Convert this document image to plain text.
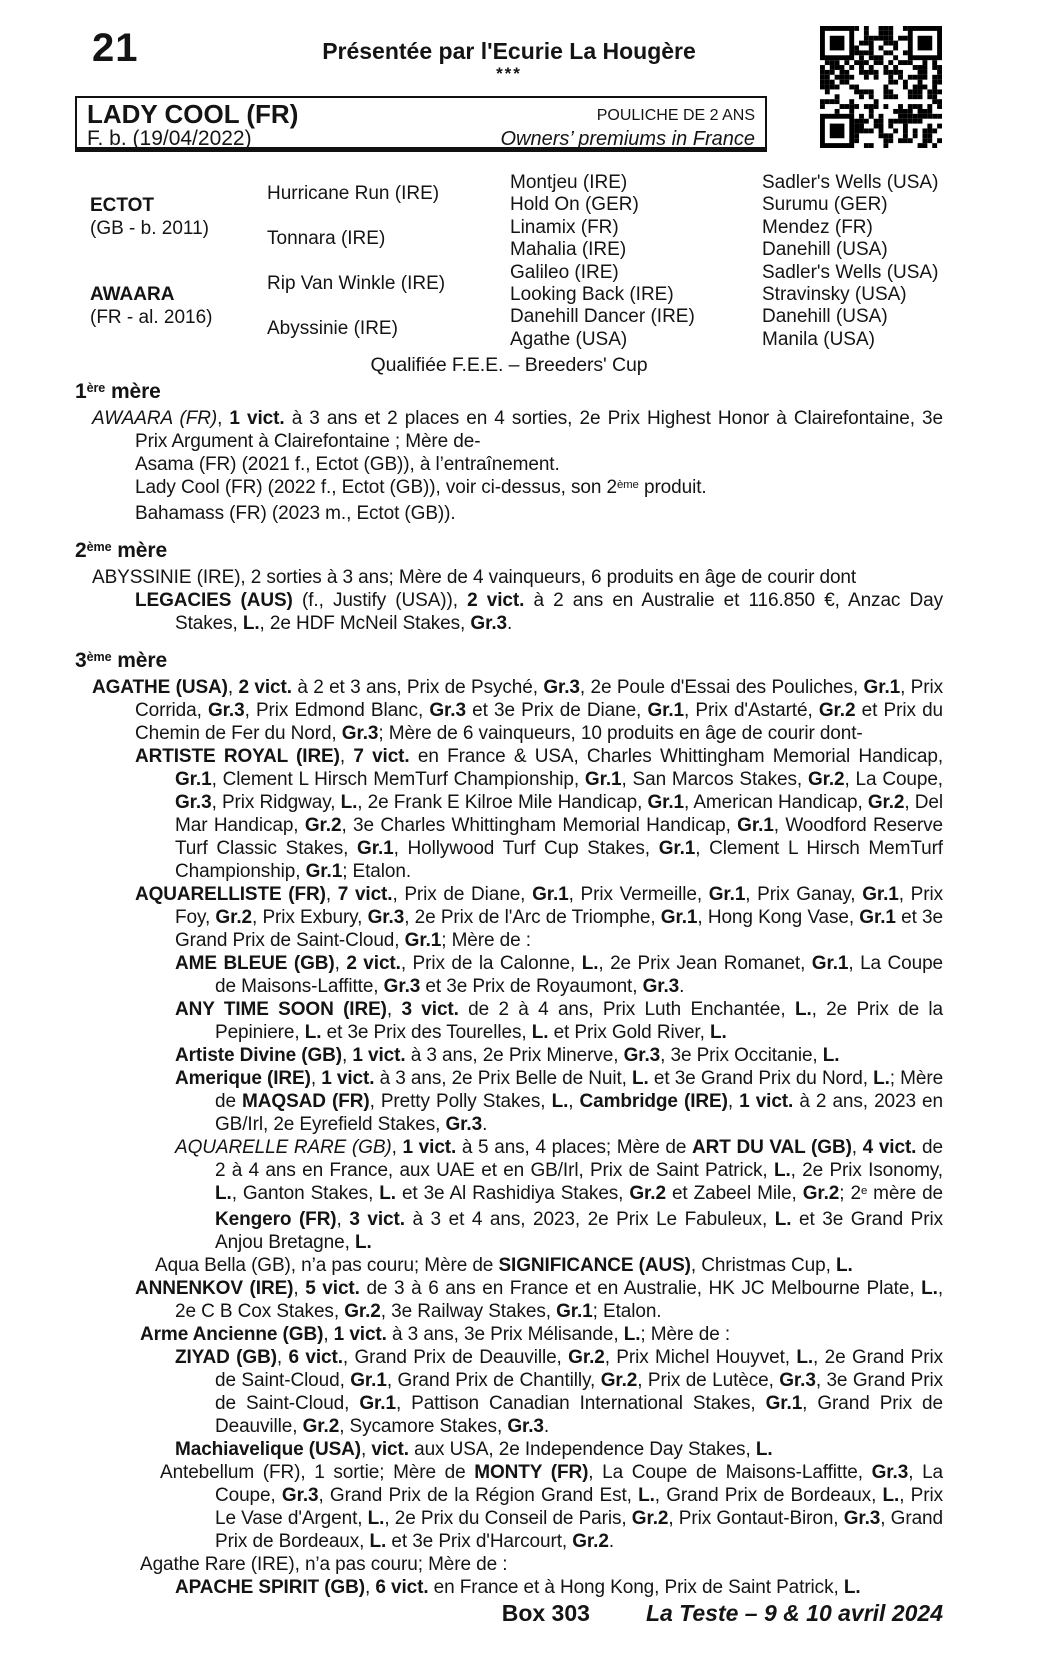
21	Présentée par l'Ecurie La Hougère
***
LADY COOL (FR)
F. b. (19/04/2022)
POULICHE DE 2 ANS
Owners’ premiums in France
ECTOT
(GB - b. 2011)
AWAARA
(FR - al. 2016)
Hurricane Run (IRE)
Tonnara (IRE)
Rip Van Winkle (IRE)
Abyssinie (IRE)
Montjeu (IRE)
Hold On (GER)
Linamix (FR)
Mahalia (IRE)
Galileo (IRE)
Looking Back (IRE)
Danehill Dancer (IRE)
Agathe (USA)
Sadler's Wells (USA)
Surumu (GER)
Mendez (FR)
Danehill (USA)
Sadler's Wells (USA)
Stravinsky (USA)
Danehill (USA)
Manila (USA)
Qualifiée F.E.E. – Breeders' Cup
1ère mère
AWAARA (FR), 1 vict. à 3 ans et 2 places en 4 sorties, 2e Prix Highest Honor à Clairefontaine, 3e Prix Argument à Clairefontaine ; Mère de-
Asama (FR) (2021 f., Ectot (GB)), à l’entraînement.
Lady Cool (FR) (2022 f., Ectot (GB)), voir ci-dessus, son 2ème produit.
Bahamass (FR) (2023 m., Ectot (GB)).
2ème mère
ABYSSINIE (IRE), 2 sorties à 3 ans; Mère de 4 vainqueurs, 6 produits en âge de courir dont
LEGACIES (AUS) (f., Justify (USA)), 2 vict. à 2 ans en Australie et 116.850 €, Anzac Day Stakes, L., 2e HDF McNeil Stakes, Gr.3.
3ème mère
AGATHE (USA), 2 vict. à 2 et 3 ans, Prix de Psyché, Gr.3, 2e Poule d'Essai des Pouliches, Gr.1, Prix Corrida, Gr.3, Prix Edmond Blanc, Gr.3 et 3e Prix de Diane, Gr.1, Prix d'Astarté, Gr.2 et Prix du Chemin de Fer du Nord, Gr.3; Mère de 6 vainqueurs, 10 produits en âge de courir dont-
ARTISTE ROYAL (IRE), 7 vict. en France & USA, Charles Whittingham Memorial Handicap, Gr.1, Clement L Hirsch MemTurf Championship, Gr.1, San Marcos Stakes, Gr.2, La Coupe, Gr.3, Prix Ridgway, L., 2e Frank E Kilroe Mile Handicap, Gr.1, American Handicap, Gr.2, Del Mar Handicap, Gr.2, 3e Charles Whittingham Memorial Handicap, Gr.1, Woodford Reserve Turf Classic Stakes, Gr.1, Hollywood Turf Cup Stakes, Gr.1, Clement L Hirsch MemTurf Championship, Gr.1; Etalon.
AQUARELLISTE (FR), 7 vict., Prix de Diane, Gr.1, Prix Vermeille, Gr.1, Prix Ganay, Gr.1, Prix Foy, Gr.2, Prix Exbury, Gr.3, 2e Prix de l'Arc de Triomphe, Gr.1, Hong Kong Vase, Gr.1 et 3e Grand Prix de Saint-Cloud, Gr.1; Mère de :
AME BLEUE (GB), 2 vict., Prix de la Calonne, L., 2e Prix Jean Romanet, Gr.1, La Coupe de Maisons-Laffitte, Gr.3 et 3e Prix de Royaumont, Gr.3.
ANY TIME SOON (IRE), 3 vict. de 2 à 4 ans, Prix Luth Enchantée, L., 2e Prix de la Pepiniere, L. et 3e Prix des Tourelles, L. et Prix Gold River, L.
Artiste Divine (GB), 1 vict. à 3 ans, 2e Prix Minerve, Gr.3, 3e Prix Occitanie, L.
Amerique (IRE), 1 vict. à 3 ans, 2e Prix Belle de Nuit, L. et 3e Grand Prix du Nord, L.; Mère de MAQSAD (FR), Pretty Polly Stakes, L., Cambridge (IRE), 1 vict. à 2 ans, 2023 en GB/Irl, 2e Eyrefield Stakes, Gr.3.
AQUARELLE RARE (GB), 1 vict. à 5 ans, 4 places; Mère de ART DU VAL (GB), 4 vict. de 2 à 4 ans en France, aux UAE et en GB/Irl, Prix de Saint Patrick, L., 2e Prix Isonomy, L., Ganton Stakes, L. et 3e Al Rashidiya Stakes, Gr.2 et Zabeel Mile, Gr.2; 2e mère de Kengero (FR), 3 vict. à 3 et 4 ans, 2023, 2e Prix Le Fabuleux, L. et 3e Grand Prix Anjou Bretagne, L.
Aqua Bella (GB), n’a pas couru; Mère de SIGNIFICANCE (AUS), Christmas Cup, L.
ANNENKOV (IRE), 5 vict. de 3 à 6 ans en France et en Australie, HK JC Melbourne Plate, L., 2e C B Cox Stakes, Gr.2, 3e Railway Stakes, Gr.1; Etalon.
Arme Ancienne (GB), 1 vict. à 3 ans, 3e Prix Mélisande, L.; Mère de :
ZIYAD (GB), 6 vict., Grand Prix de Deauville, Gr.2, Prix Michel Houyvet, L., 2e Grand Prix de Saint-Cloud, Gr.1, Grand Prix de Chantilly, Gr.2, Prix de Lutèce, Gr.3, 3e Grand Prix de Saint-Cloud, Gr.1, Pattison Canadian International Stakes, Gr.1, Grand Prix de Deauville, Gr.2, Sycamore Stakes, Gr.3.
Machiavelique (USA), vict. aux USA, 2e Independence Day Stakes, L.
Antebellum (FR), 1 sortie; Mère de MONTY (FR), La Coupe de Maisons-Laffitte, Gr.3, La Coupe, Gr.3, Grand Prix de la Région Grand Est, L., Grand Prix de Bordeaux, L., Prix Le Vase d'Argent, L., 2e Prix du Conseil de Paris, Gr.2, Prix Gontaut-Biron, Gr.3, Grand Prix de Bordeaux, L. et 3e Prix d'Harcourt, Gr.2.
Agathe Rare (IRE), n’a pas couru; Mère de :
APACHE SPIRIT (GB), 6 vict. en France et à Hong Kong, Prix de Saint Patrick, L.
Box 303 La Teste – 9 & 10 avril 2024
